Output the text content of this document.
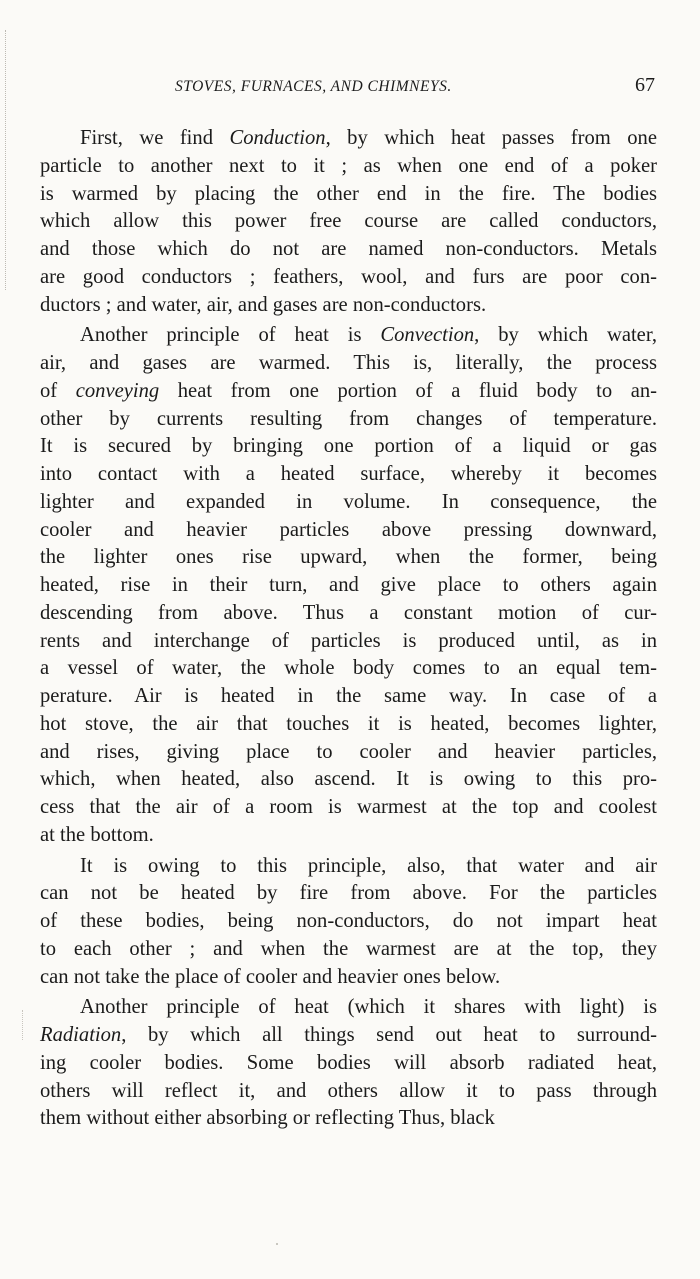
STOVES, FURNACES, AND CHIMNEYS.	67
First, we find Conduction, by which heat passes from one
particle to another next to it ; as when one end of a poker
is warmed by placing the other end in the fire. The bodies
which allow this power free course are called conductors,
and those which do not are named non-conductors. Metals
are good conductors ; feathers, wool, and furs are poor con-
ductors ; and water, air, and gases are non-conductors.
Another principle of heat is Convection, by which water,
air, and gases are warmed. This is, literally, the process
of conveying heat from one portion of a fluid body to an-
other by currents resulting from changes of temperature.
It is secured by bringing one portion of a liquid or gas
into contact with a heated surface, whereby it becomes
lighter and expanded in volume. In consequence, the
cooler and heavier particles above pressing downward,
the lighter ones rise upward, when the former, being
heated, rise in their turn, and give place to others again
descending from above. Thus a constant motion of cur-
rents and interchange of particles is produced until, as in
a vessel of water, the whole body comes to an equal tem-
perature. Air is heated in the same way. In case of a
hot stove, the air that touches it is heated, becomes lighter,
and rises, giving place to cooler and heavier particles,
which, when heated, also ascend. It is owing to this pro-
cess that the air of a room is warmest at the top and coolest
at the bottom.
It is owing to this principle, also, that water and air
can not be heated by fire from above. For the particles
of these bodies, being non-conductors, do not impart heat
to each other ; and when the warmest are at the top, they
can not take the place of cooler and heavier ones below.
Another principle of heat (which it shares with light) is
Radiation, by which all things send out heat to surround-
ing cooler bodies. Some bodies will absorb radiated heat,
others will reflect it, and others allow it to pass through
them without either absorbing or reflecting Thus, black
